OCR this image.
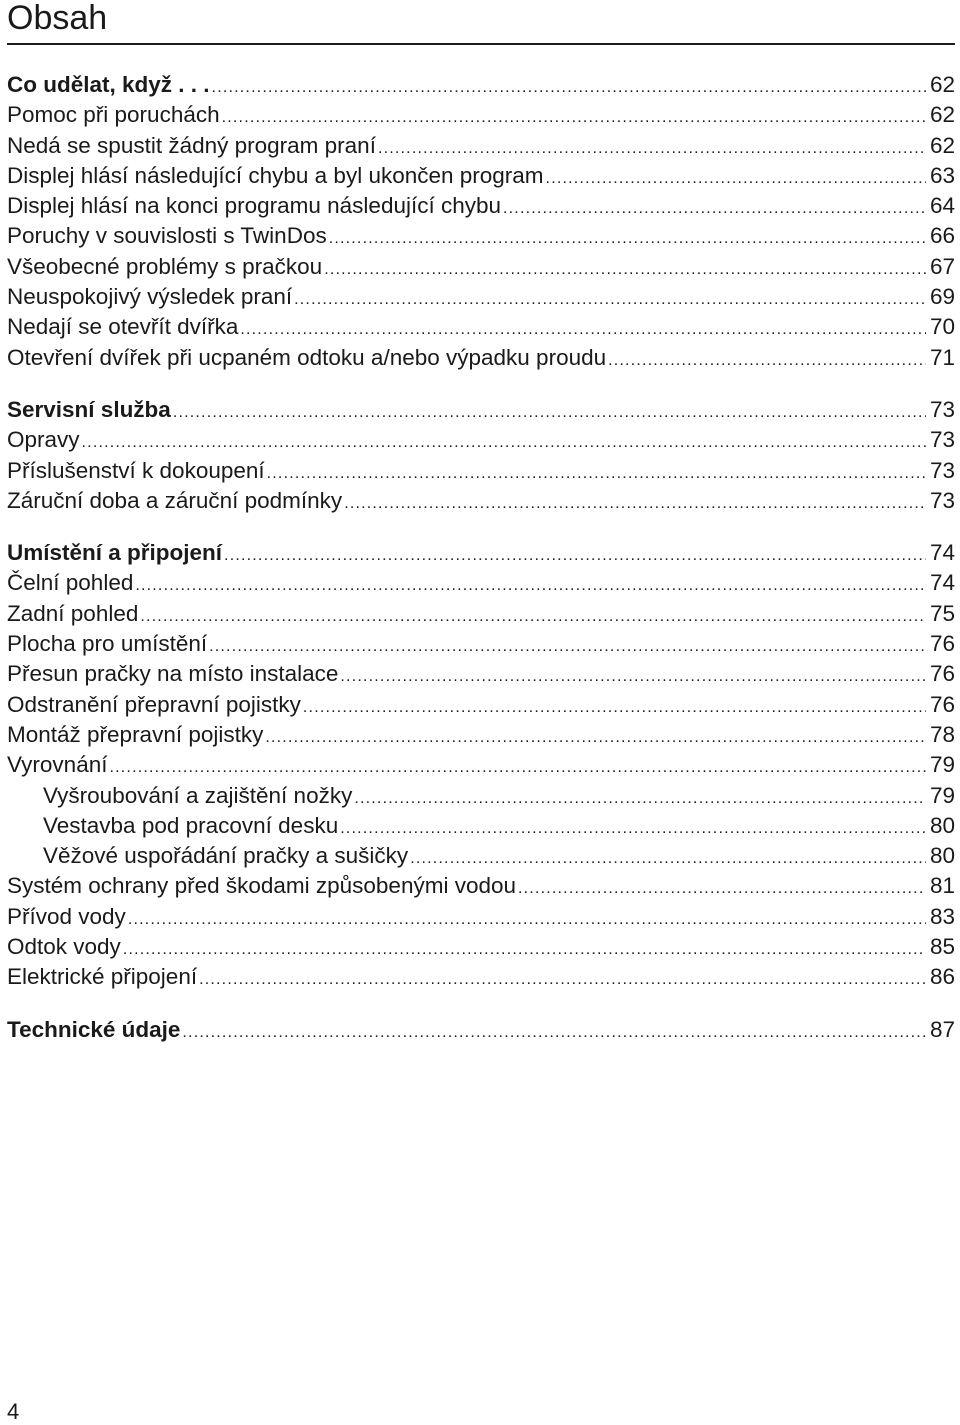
Obsah
Co udělat, když . . . .....	62
Pomoc při poruchách .....	62
Nedá se spustit žádný program praní .....	62
Displej hlásí následující chybu a byl ukončen program .....	63
Displej hlásí na konci programu následující chybu .....	64
Poruchy v souvislosti s TwinDos .....	66
Všeobecné problémy s pračkou .....	67
Neuspokojivý výsledek praní .....	69
Nedají se otevřít dvířka .....	70
Otevření dvířek při ucpaném odtoku a/nebo výpadku proudu .....	71
Servisní služba .....	73
Opravy .....	73
Příslušenství k dokoupení .....	73
Záruční doba a záruční podmínky .....	73
Umístění a připojení .....	74
Čelní pohled .....	74
Zadní pohled .....	75
Plocha pro umístění .....	76
Přesun pračky na místo instalace .....	76
Odstranění přepravní pojistky .....	76
Montáž přepravní pojistky .....	78
Vyrovnání .....	79
Vyšroubování a zajištění nožky .....	79
Vestavba pod pracovní desku .....	80
Věžové uspořádání pračky a sušičky .....	80
Systém ochrany před škodami způsobenými vodou .....	81
Přívod vody .....	83
Odtok vody .....	85
Elektrické připojení .....	86
Technické údaje .....	87
4
